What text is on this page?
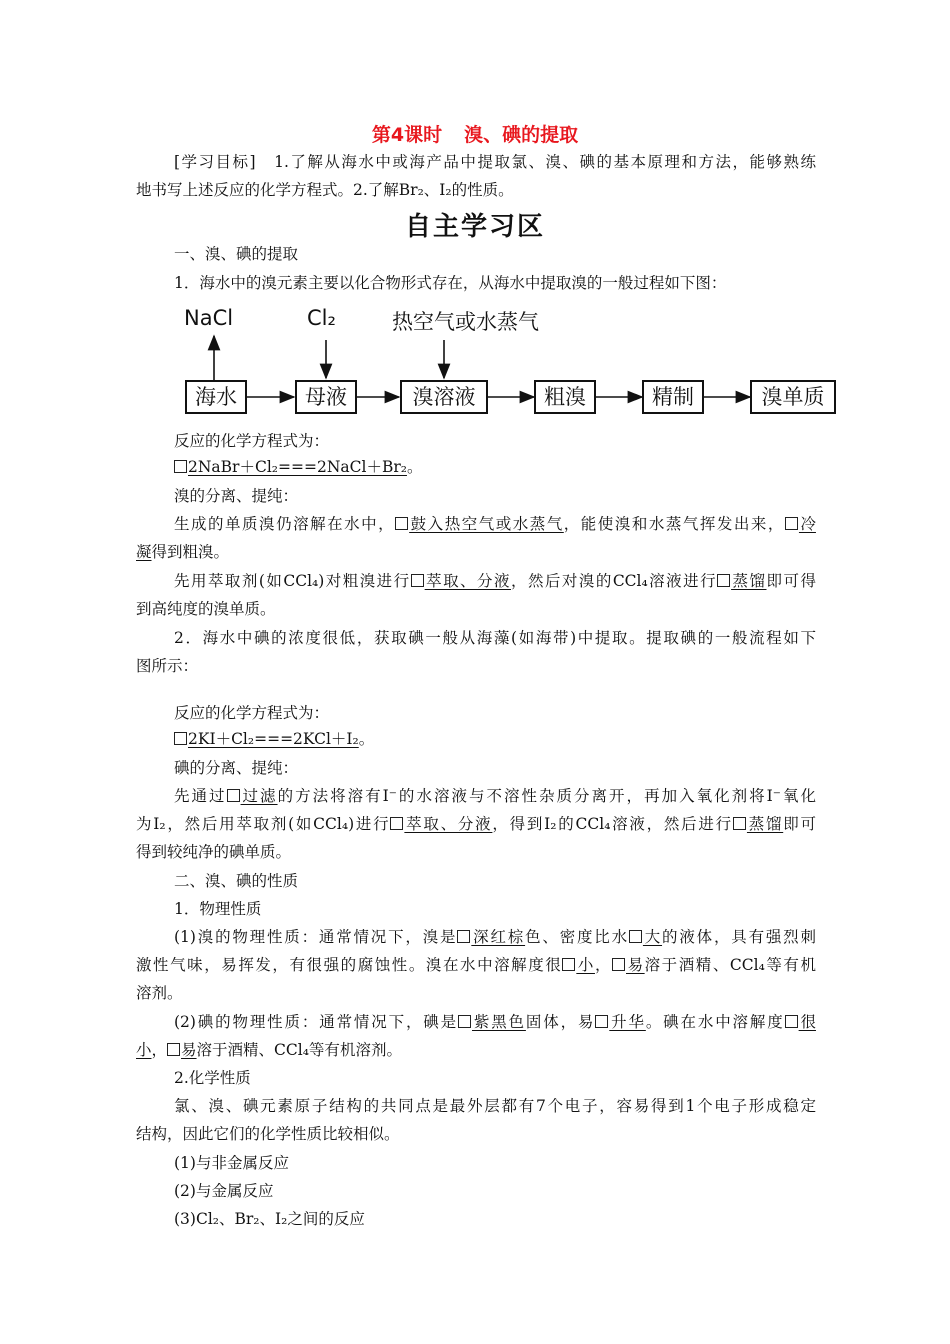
第4课时 溴、碘的提取
[学习目标]　1.了解从海水中或海产品中提取氯、溴、碘的基本原理和方法，能够熟练
地书写上述反应的化学方程式。2.了解Br₂、I₂的性质。
自主学习区
一、溴、碘的提取
1．海水中的溴元素主要以化合物形式存在，从海水中提取溴的一般过程如下图：
NaCl	Cl₂	热空气或水蒸气
海水	母液	溴溶液	粗溴	精制	溴单质
反应的化学方程式为：
2NaBr＋Cl₂===2NaCl＋Br₂。
溴的分离、提纯：
生成的单质溴仍溶解在水中， 鼓入热空气或水蒸气，能使溴和水蒸气挥发出来， 冷
凝得到粗溴。
先用萃取剂(如CCl₄)对粗溴进行 萃取、分液，然后对溴的CCl₄溶液进行 蒸馏即可得
到高纯度的溴单质。
2．海水中碘的浓度很低，获取碘一般从海藻(如海带)中提取。提取碘的一般流程如下
图所示：
反应的化学方程式为：
2KI＋Cl₂===2KCl＋I₂。
碘的分离、提纯：
先通过 过滤的方法将溶有I⁻的水溶液与不溶性杂质分离开，再加入氧化剂将I⁻氧化
为I₂，然后用萃取剂(如CCl₄)进行 萃取、分液，得到I₂的CCl₄溶液，然后进行 蒸馏即可
得到较纯净的碘单质。
二、溴、碘的性质
1．物理性质
(1)溴的物理性质：通常情况下，溴是 深红棕色、密度比水 大的液体，具有强烈刺
激性气味，易挥发，有很强的腐蚀性。溴在水中溶解度很 小， 易溶于酒精、CCl₄等有机
溶剂。
(2)碘的物理性质：通常情况下，碘是 紫黑色固体，易 升华。碘在水中溶解度 很
小， 易溶于酒精、CCl₄等有机溶剂。
2.化学性质
氯、溴、碘元素原子结构的共同点是最外层都有7个电子，容易得到1个电子形成稳定
结构，因此它们的化学性质比较相似。
(1)与非金属反应
(2)与金属反应
(3)Cl₂、Br₂、I₂之间的反应
